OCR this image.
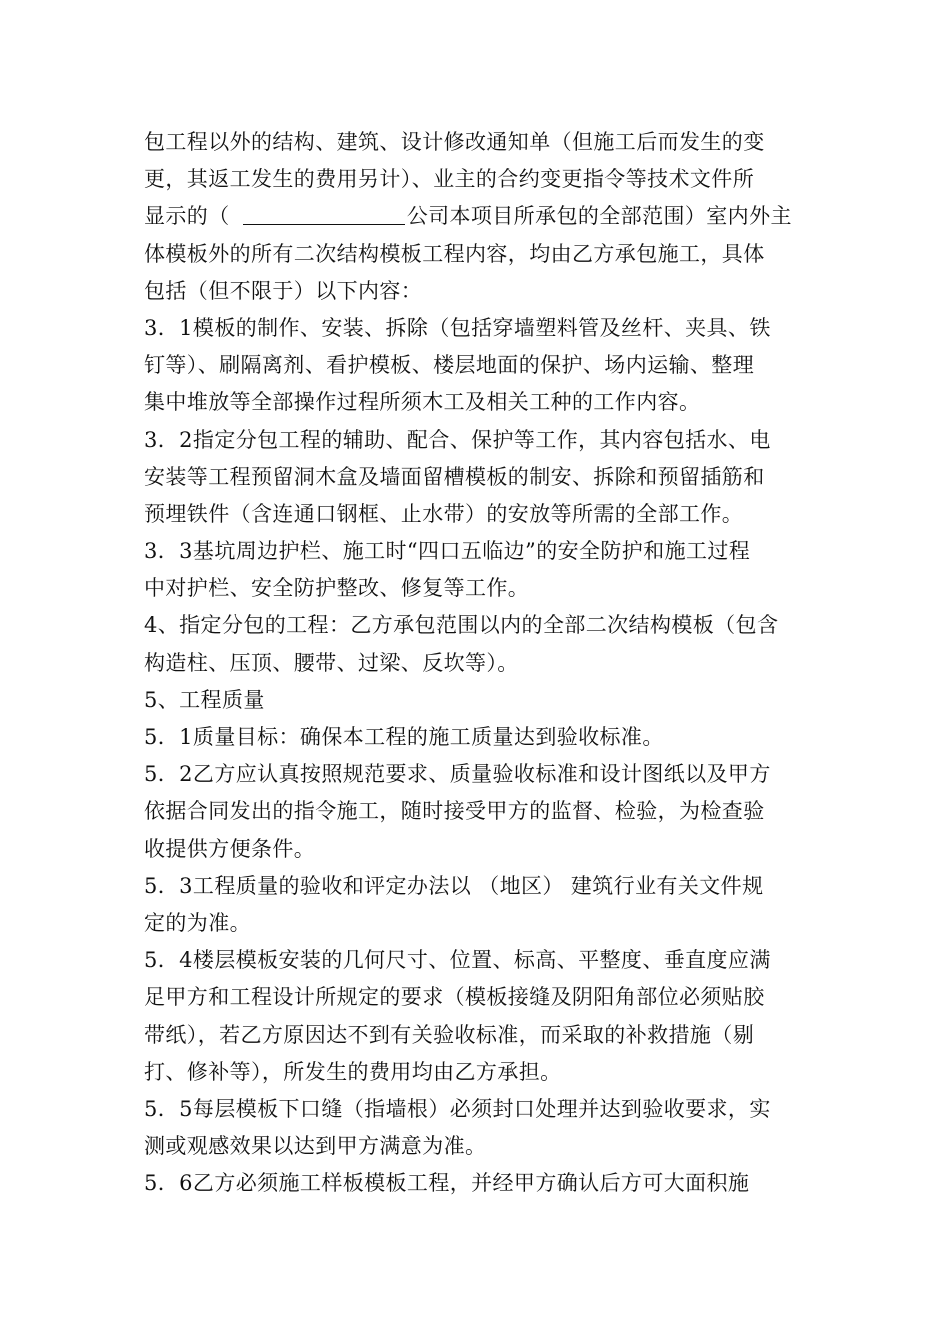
包工程以外的结构、建筑、设计修改通知单（但施工后而发生的变
更，其返工发生的费用另计）、业主的合约变更指令等技术文件所
显示的（	公司本项目所承包的全部范围）室内外主
体模板外的所有二次结构模板工程内容，均由乙方承包施工，具体
包括（但不限于）以下内容：
3．1模板的制作、安装、拆除（包括穿墙塑料管及丝杆、夹具、铁
钉等）、刷隔离剂、看护模板、楼层地面的保护、场内运输、整理
集中堆放等全部操作过程所须木工及相关工种的工作内容。
3．2指定分包工程的辅助、配合、保护等工作，其内容包括水、电
安装等工程预留洞木盒及墙面留槽模板的制安、拆除和预留插筋和
预埋铁件（含连通口钢框、止水带）的安放等所需的全部工作。
3．3基坑周边护栏、施工时“四口五临边”的安全防护和施工过程
中对护栏、安全防护整改、修复等工作。
4、指定分包的工程：乙方承包范围以内的全部二次结构模板（包含
构造柱、压顶、腰带、过梁、反坎等）。
5、工程质量
5．1质量目标：确保本工程的施工质量达到验收标准。
5．2乙方应认真按照规范要求、质量验收标准和设计图纸以及甲方
依据合同发出的指令施工，随时接受甲方的监督、检验，为检查验
收提供方便条件。
5．3工程质量的验收和评定办法以 （地区） 建筑行业有关文件规
定的为准。
5．4楼层模板安装的几何尺寸、位置、标高、平整度、垂直度应满
足甲方和工程设计所规定的要求（模板接缝及阴阳角部位必须贴胶
带纸），若乙方原因达不到有关验收标准，而采取的补救措施（剔
打、修补等），所发生的费用均由乙方承担。
5．5每层模板下口缝（指墙根）必须封口处理并达到验收要求，实
测或观感效果以达到甲方满意为准。
5．6乙方必须施工样板模板工程，并经甲方确认后方可大面积施
